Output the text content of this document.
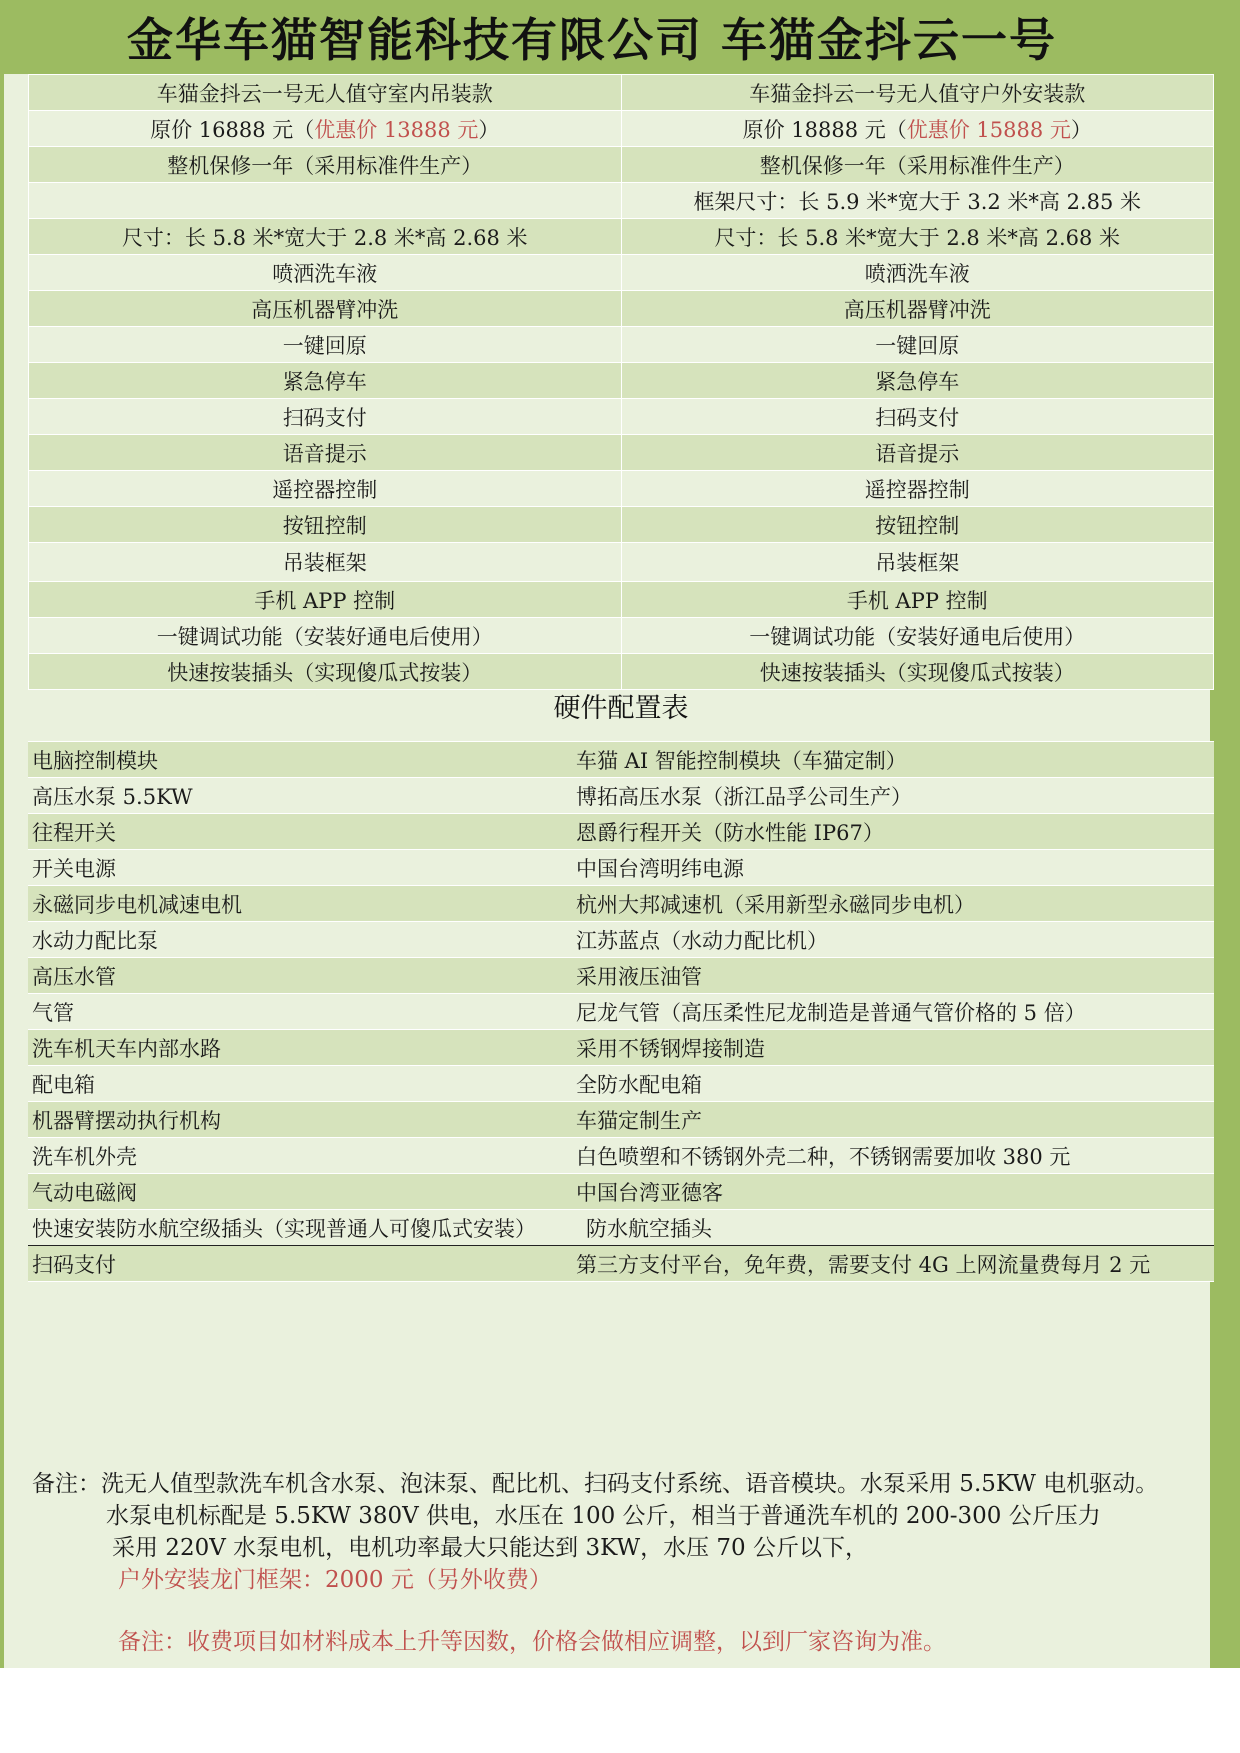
金华车猫智能科技有限公司 车猫金抖云一号
车猫金抖云一号无人值守室内吊装款	车猫金抖云一号无人值守户外安装款
原价 16888 元（优惠价 13888 元）	原价 18888 元（优惠价 15888 元）
整机保修一年（采用标准件生产）	整机保修一年（采用标准件生产）
	框架尺寸：长 5.9 米*宽大于 3.2 米*高 2.85 米
尺寸：长 5.8 米*宽大于 2.8 米*高 2.68 米	尺寸：长 5.8 米*宽大于 2.8 米*高 2.68 米
喷洒洗车液	喷洒洗车液
高压机器臂冲洗	高压机器臂冲洗
一键回原	一键回原
紧急停车	紧急停车
扫码支付	扫码支付
语音提示	语音提示
遥控器控制	遥控器控制
按钮控制	按钮控制
吊装框架	吊装框架
手机 APP 控制	手机 APP 控制
一键调试功能（安装好通电后使用）	一键调试功能（安装好通电后使用）
快速按装插头（实现傻瓜式按装）	快速按装插头（实现傻瓜式按装）
硬件配置表
电脑控制模块	车猫 AI 智能控制模块（车猫定制）
高压水泵 5.5KW	博拓高压水泵（浙江品孚公司生产）
往程开关	恩爵行程开关（防水性能 IP67）
开关电源	中国台湾明纬电源
永磁同步电机减速电机	杭州大邦减速机（采用新型永磁同步电机）
水动力配比泵	江苏蓝点（水动力配比机）
高压水管	采用液压油管
气管	尼龙气管（高压柔性尼龙制造是普通气管价格的 5 倍）
洗车机天车内部水路	采用不锈钢焊接制造
配电箱	全防水配电箱
机器臂摆动执行机构	车猫定制生产
洗车机外壳	白色喷塑和不锈钢外壳二种，不锈钢需要加收 380 元
气动电磁阀	中国台湾亚德客
快速安装防水航空级插头（实现普通人可傻瓜式安装）	防水航空插头
扫码支付	第三方支付平台，免年费，需要支付 4G 上网流量费每月 2 元
备注：洗无人值型款洗车机含水泵、泡沫泵、配比机、扫码支付系统、语音模块。水泵采用 5.5KW 电机驱动。
水泵电机标配是 5.5KW 380V 供电，水压在 100 公斤，相当于普通洗车机的 200-300 公斤压力
采用 220V 水泵电机，电机功率最大只能达到 3KW，水压 70 公斤以下，
户外安装龙门框架：2000 元（另外收费）
备注：收费项目如材料成本上升等因数，价格会做相应调整，以到厂家咨询为准。
